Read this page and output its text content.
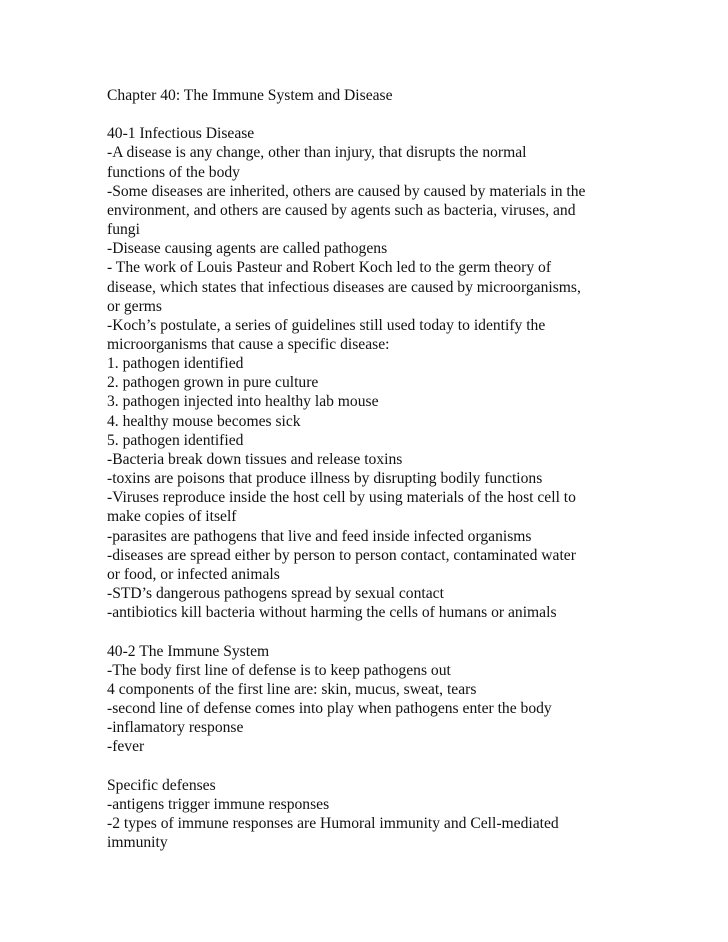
Chapter 40: The Immune System and Disease
40-1 Infectious Disease
-A disease is any change, other than injury, that disrupts the normal
functions of the body
-Some diseases are inherited, others are caused by caused by materials in the
environment, and others are caused by agents such as bacteria, viruses, and
fungi
-Disease causing agents are called pathogens
- The work of Louis Pasteur and Robert Koch led to the germ theory of
disease, which states that infectious diseases are caused by microorganisms,
or germs
-Koch’s postulate, a series of guidelines still used today to identify the
microorganisms that cause a specific disease:
1. pathogen identified
2. pathogen grown in pure culture
3. pathogen injected into healthy lab mouse
4. healthy mouse becomes sick
5. pathogen identified
-Bacteria break down tissues and release toxins
-toxins are poisons that produce illness by disrupting bodily functions
-Viruses reproduce inside the host cell by using materials of the host cell to
make copies of itself
-parasites are pathogens that live and feed inside infected organisms
-diseases are spread either by person to person contact, contaminated water
or food, or infected animals
-STD’s dangerous pathogens spread by sexual contact
-antibiotics kill bacteria without harming the cells of humans or animals
40-2 The Immune System
-The body first line of defense is to keep pathogens out
4 components of the first line are: skin, mucus, sweat, tears
-second line of defense comes into play when pathogens enter the body
-inflamatory response
-fever
Specific defenses
-antigens trigger immune responses
-2 types of immune responses are Humoral immunity and Cell-mediated
immunity
